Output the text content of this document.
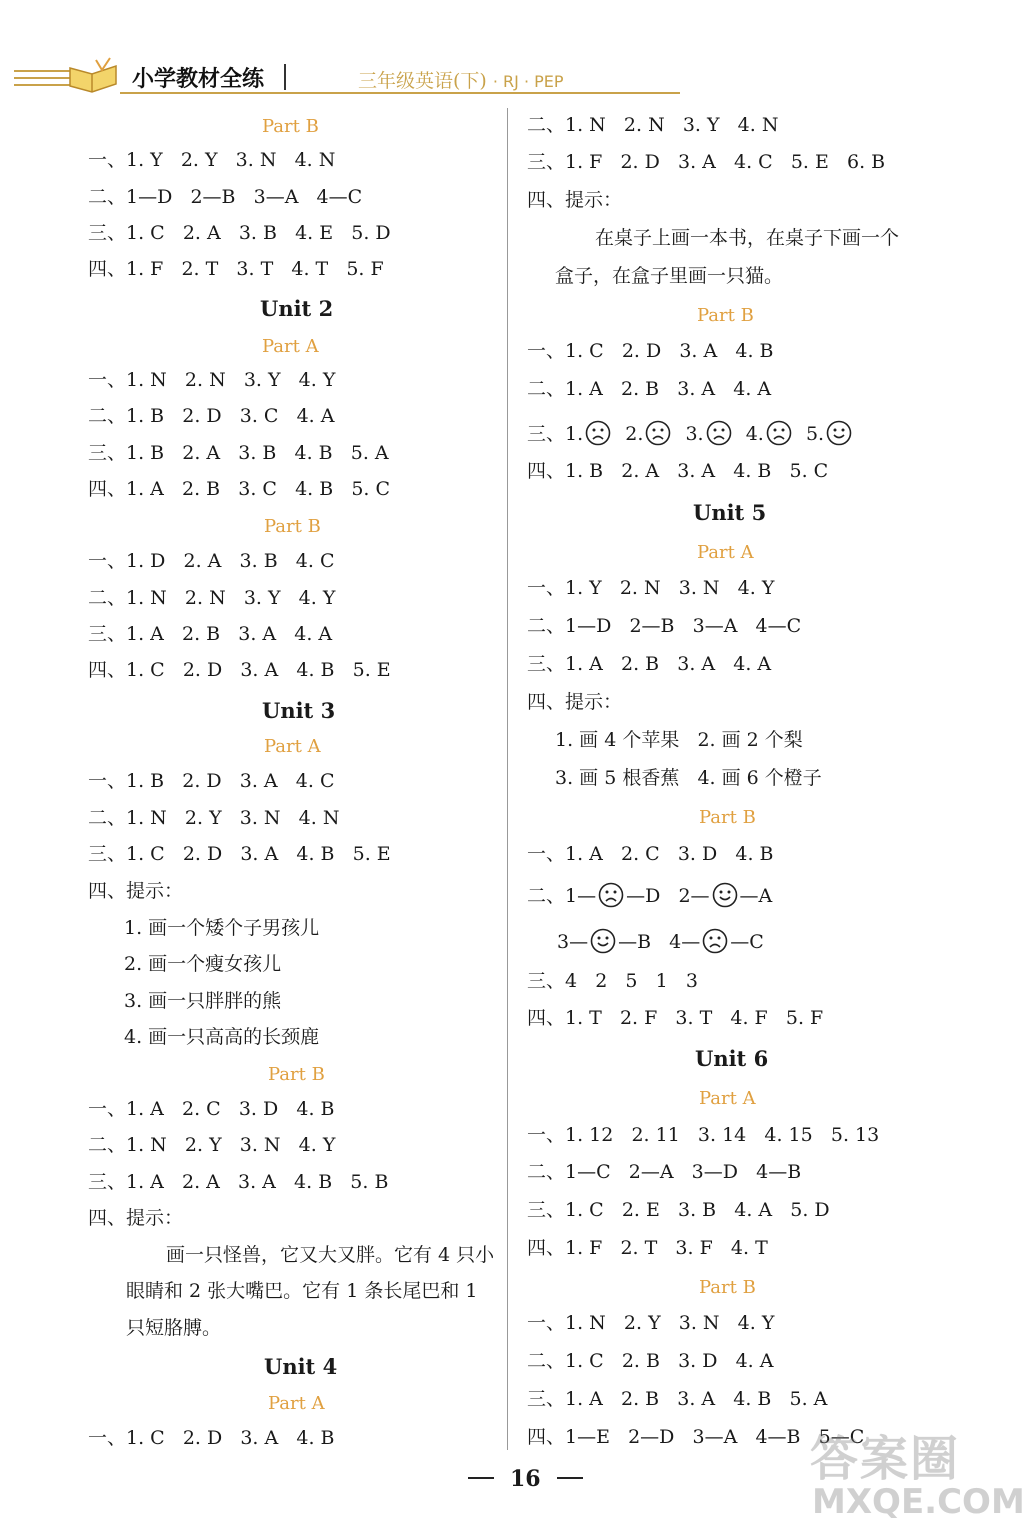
小学教材全练	三年级英语(下) · RJ · PEP
Part B
一、1. Y   2. Y   3. N   4. N
二、1—D   2—B   3—A   4—C
三、1. C   2. A   3. B   4. E   5. D
四、1. F   2. T   3. T   4. T   5. F
Unit 2
Part A
一、1. N   2. N   3. Y   4. Y
二、1. B   2. D   3. C   4. A
三、1. B   2. A   3. B   4. B   5. A
四、1. A   2. B   3. C   4. B   5. C
Part B
一、1. D   2. A   3. B   4. C
二、1. N   2. N   3. Y   4. Y
三、1. A   2. B   3. A   4. A
四、1. C   2. D   3. A   4. B   5. E
Unit 3
Part A
一、1. B   2. D   3. A   4. C
二、1. N   2. Y   3. N   4. N
三、1. C   2. D   3. A   4. B   5. E
四、提示：
1. 画一个矮个子男孩儿
2. 画一个瘦女孩儿
3. 画一只胖胖的熊
4. 画一只高高的长颈鹿
Part B
一、1. A   2. C   3. D   4. B
二、1. N   2. Y   3. N   4. Y
三、1. A   2. A   3. A   4. B   5. B
四、提示：
画一只怪兽，它又大又胖。它有 4 只小
眼睛和 2 张大嘴巴。它有 1 条长尾巴和 1
只短胳膊。
Unit 4
Part A
一、1. C   2. D   3. A   4. B
二、1. N   2. N   3. Y   4. N
三、1. F   2. D   3. A   4. C   5. E   6. B
四、提示：
在桌子上画一本书，在桌子下画一个
盒子，在盒子里画一只猫。
Part B
一、1. C   2. D   3. A   4. B
二、1. A   2. B   3. A   4. A
三、1. 2. 3. 4. 5.
四、1. B   2. A   3. A   4. B   5. C
Unit 5
Part A
一、1. Y   2. N   3. N   4. Y
二、1—D   2—B   3—A   4—C
三、1. A   2. B   3. A   4. A
四、提示：
1. 画 4 个苹果   2. 画 2 个梨
3. 画 5 根香蕉   4. 画 6 个橙子
Part B
一、1. A   2. C   3. D   4. B
二、1— —D   2— —A
3— —B   4— —C
三、4   2   5   1   3
四、1. T   2. F   3. T   4. F   5. F
Unit 6
Part A
一、1. 12   2. 11   3. 14   4. 15   5. 13
二、1—C   2—A   3—D   4—B
三、1. C   2. E   3. B   4. A   5. D
四、1. F   2. T   3. F   4. T
Part B
一、1. N   2. Y   3. N   4. Y
二、1. C   2. B   3. D   4. A
三、1. A   2. B   3. A   4. B   5. A
四、1—E   2—D   3—A   4—B   5—C
16	答案圈
MXQE.COM
